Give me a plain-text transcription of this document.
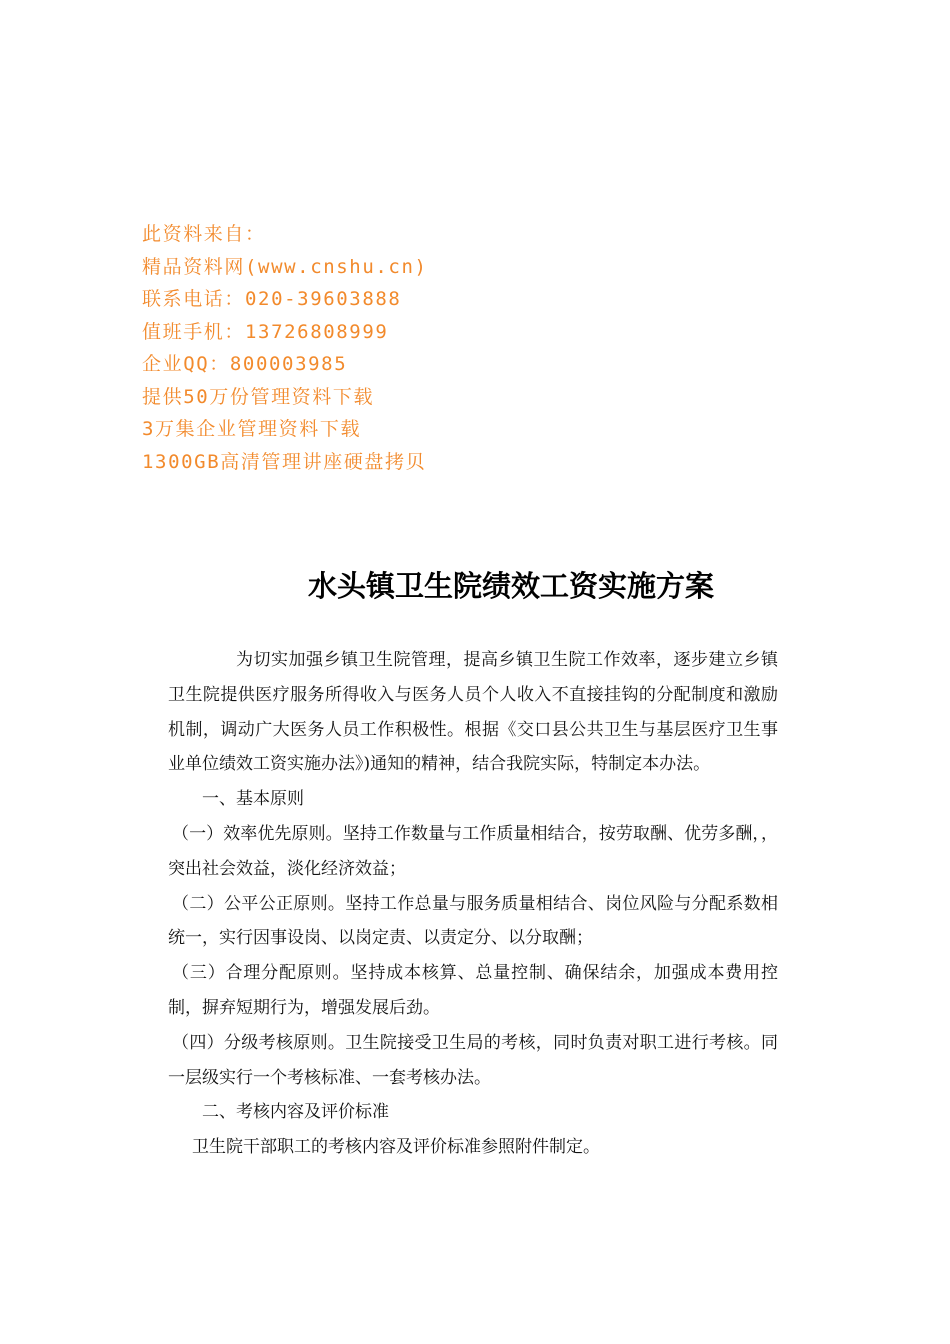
此资料来自：
精品资料网(www.cnshu.cn)
联系电话：020-39603888
值班手机：13726808999
企业QQ：800003985
提供50万份管理资料下载
3万集企业管理资料下载
1300GB高清管理讲座硬盘拷贝
水头镇卫生院绩效工资实施方案

为切实加强乡镇卫生院管理，提高乡镇卫生院工作效率，逐步建立乡镇卫生院提供医疗服务所得收入与医务人员个人收入不直接挂钩的分配制度和激励机制，调动广大医务人员工作积极性。根据《交口县公共卫生与基层医疗卫生事业单位绩效工资实施办法》)通知的精神，结合我院实际，特制定本办法。

一、基本原则

（一）效率优先原则。坚持工作数量与工作质量相结合，按劳取酬、优劳多酬，，突出社会效益，淡化经济效益；

（二）公平公正原则。坚持工作总量与服务质量相结合、岗位风险与分配系数相统一，实行因事设岗、以岗定责、以责定分、以分取酬；

（三）合理分配原则。坚持成本核算、总量控制、确保结余，加强成本费用控制，摒弃短期行为，增强发展后劲。

（四）分级考核原则。卫生院接受卫生局的考核，同时负责对职工进行考核。同一层级实行一个考核标准、一套考核办法。

二、考核内容及评价标准

卫生院干部职工的考核内容及评价标准参照附件制定。
